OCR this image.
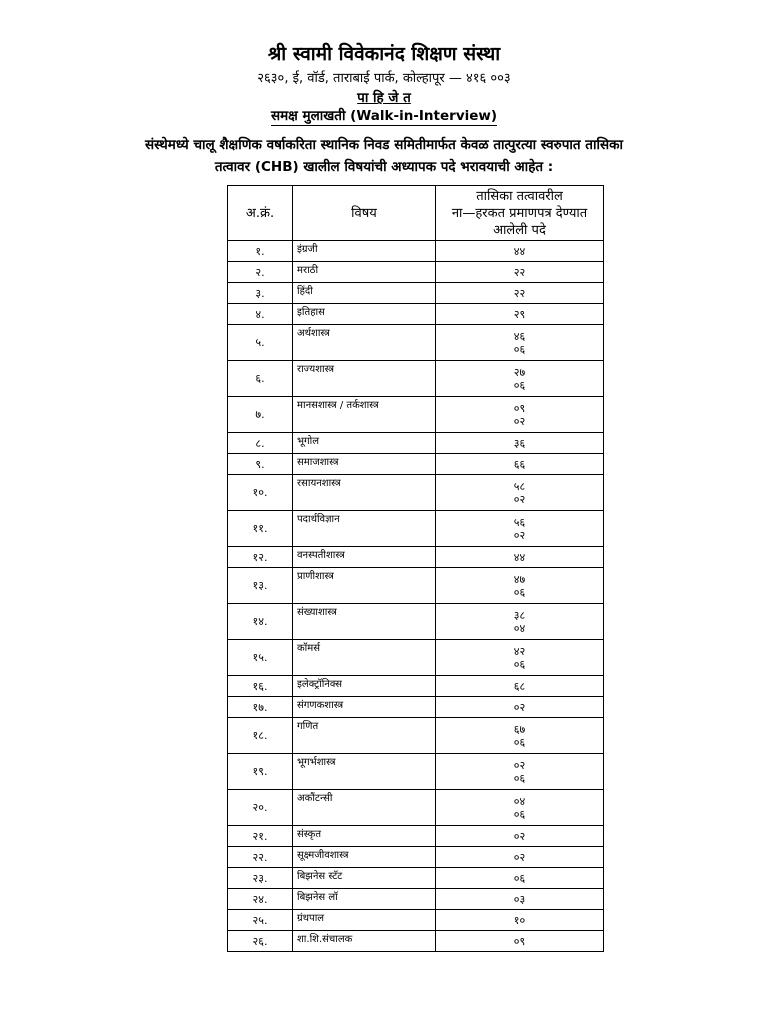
श्री स्वामी विवेकानंद शिक्षण संस्था
२६३०, ई, वॉर्ड, ताराबाई पार्क, कोल्हापूर — ४१६ ००३
पा हि जे त
समक्ष मुलाखती (Walk-in-Interview)
संस्थेमध्ये चालू शैक्षणिक वर्षाकरिता स्थानिक निवड समितीमार्फत केवळ तात्पुरत्या स्वरुपात तासिका
तत्वावर (CHB) खालील विषयांची अध्यापक पदे भरावयाची आहेत :
अ.क्रं.	विषय	तासिका तत्वावरील
ना—हरकत प्रमाणपत्र देण्यात
आलेली पदे

१.	इंग्रजी	४४

२.	मराठी	२२

३.	हिंदी	२२

४.	इतिहास	२९

५.	अर्थशास्त्र	४६
०६

६.	राज्यशास्त्र	२७
०६

७.	मानसशास्त्र / तर्कशास्त्र	०९
०२

८.	भूगोल	३६

९.	समाजशास्त्र	६६

१०.	रसायनशास्त्र	५८
०२

११.	पदार्थविज्ञान	५६
०२

१२.	वनस्पतीशास्त्र	४४

१३.	प्राणीशास्त्र	४७
०६

१४.	संख्याशास्त्र	३८
०४

१५.	कॉमर्स	४२
०६

१६.	इलेक्ट्रॉनिक्स	६८

१७.	संगणकशास्त्र	०२

१८.	गणित	६७
०६

१९.	भूगर्भशास्त्र	०२
०६

२०.	अकौंटन्सी	०४
०६

२१.	संस्कृत	०२

२२.	सूक्ष्मजीवशास्त्र	०२

२३.	बिझनेस स्टॅट	०६

२४.	बिझनेस लॉ	०३

२५.	ग्रंथपाल	१०

२६.	शा.शि.संचालक	०९
